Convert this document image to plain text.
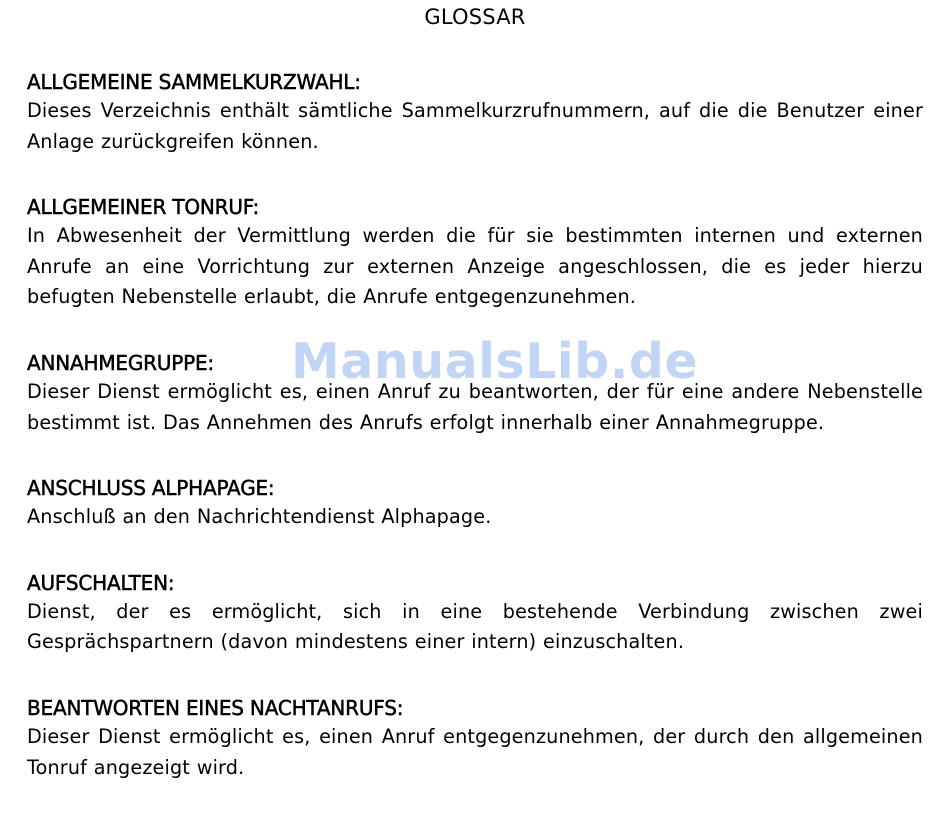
GLOSSAR
ALLGEMEINE SAMMELKURZWAHL:
Dieses Verzeichnis enthält sämtliche Sammelkurzrufnummern, auf die die Benutzer einer Anlage zurückgreifen können.
ALLGEMEINER TONRUF:
In Abwesenheit der Vermittlung werden die für sie bestimmten internen und externen Anrufe an eine Vorrichtung zur externen Anzeige angeschlossen, die es jeder hierzu befugten Nebenstelle erlaubt, die Anrufe entgegenzunehmen.
ANNAHMEGRUPPE:
Dieser Dienst ermöglicht es, einen Anruf zu beantworten, der für eine andere Nebenstelle bestimmt ist. Das Annehmen des Anrufs erfolgt innerhalb einer Annahmegruppe.
ANSCHLUSS ALPHAPAGE:
Anschluß an den Nachrichtendienst Alphapage.
AUFSCHALTEN:
Dienst, der es ermöglicht, sich in eine bestehende Verbindung zwischen zwei Gesprächspartnern (davon mindestens einer intern) einzuschalten.
BEANTWORTEN EINES NACHTANRUFS:
Dieser Dienst ermöglicht es, einen Anruf entgegenzunehmen, der durch den allgemeinen Tonruf angezeigt wird.
ManualsLib.de
